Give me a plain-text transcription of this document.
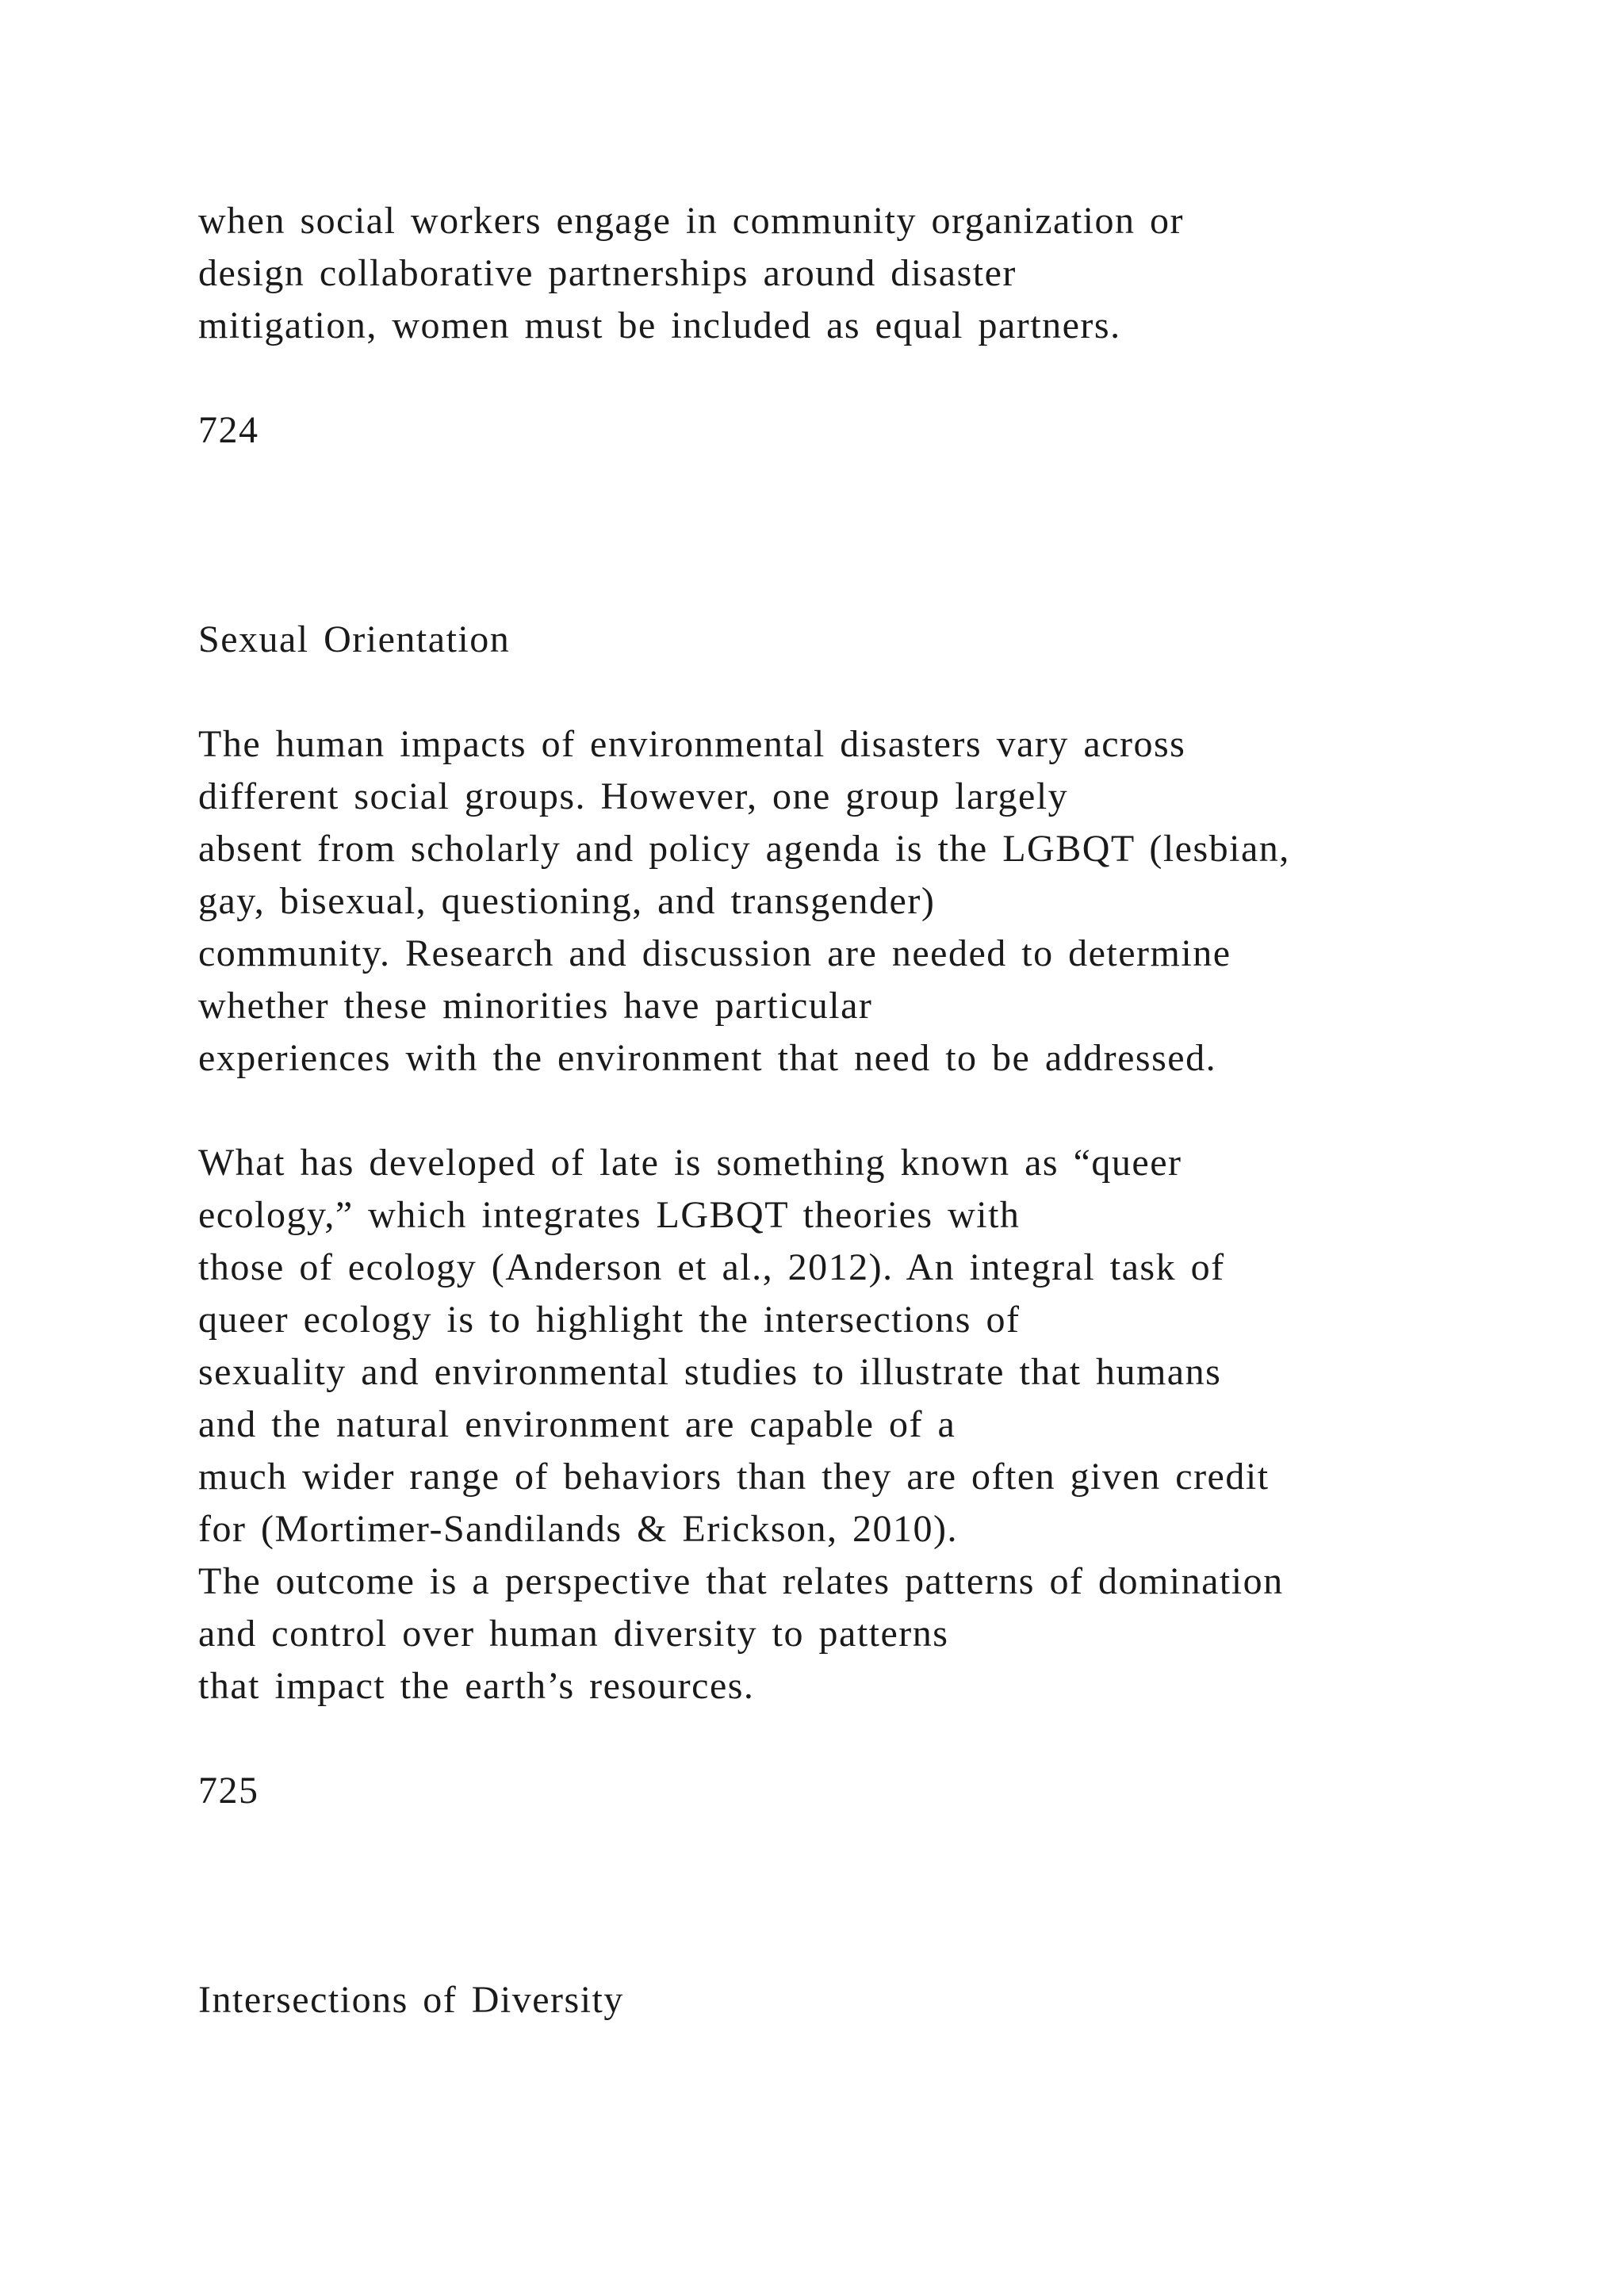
when social workers engage in community organization or
design collaborative partnerships around disaster
mitigation, women must be included as equal partners.

724

Sexual Orientation

The human impacts of environmental disasters vary across
different social groups. However, one group largely
absent from scholarly and policy agenda is the LGBQT (lesbian,
gay, bisexual, questioning, and transgender)
community. Research and discussion are needed to determine
whether these minorities have particular
experiences with the environment that need to be addressed.

What has developed of late is something known as “queer
ecology,” which integrates LGBQT theories with
those of ecology (Anderson et al., 2012). An integral task of
queer ecology is to highlight the intersections of
sexuality and environmental studies to illustrate that humans
and the natural environment are capable of a
much wider range of behaviors than they are often given credit
for (Mortimer-Sandilands & Erickson, 2010).
The outcome is a perspective that relates patterns of domination
and control over human diversity to patterns
that impact the earth’s resources.

725

Intersections of Diversity
